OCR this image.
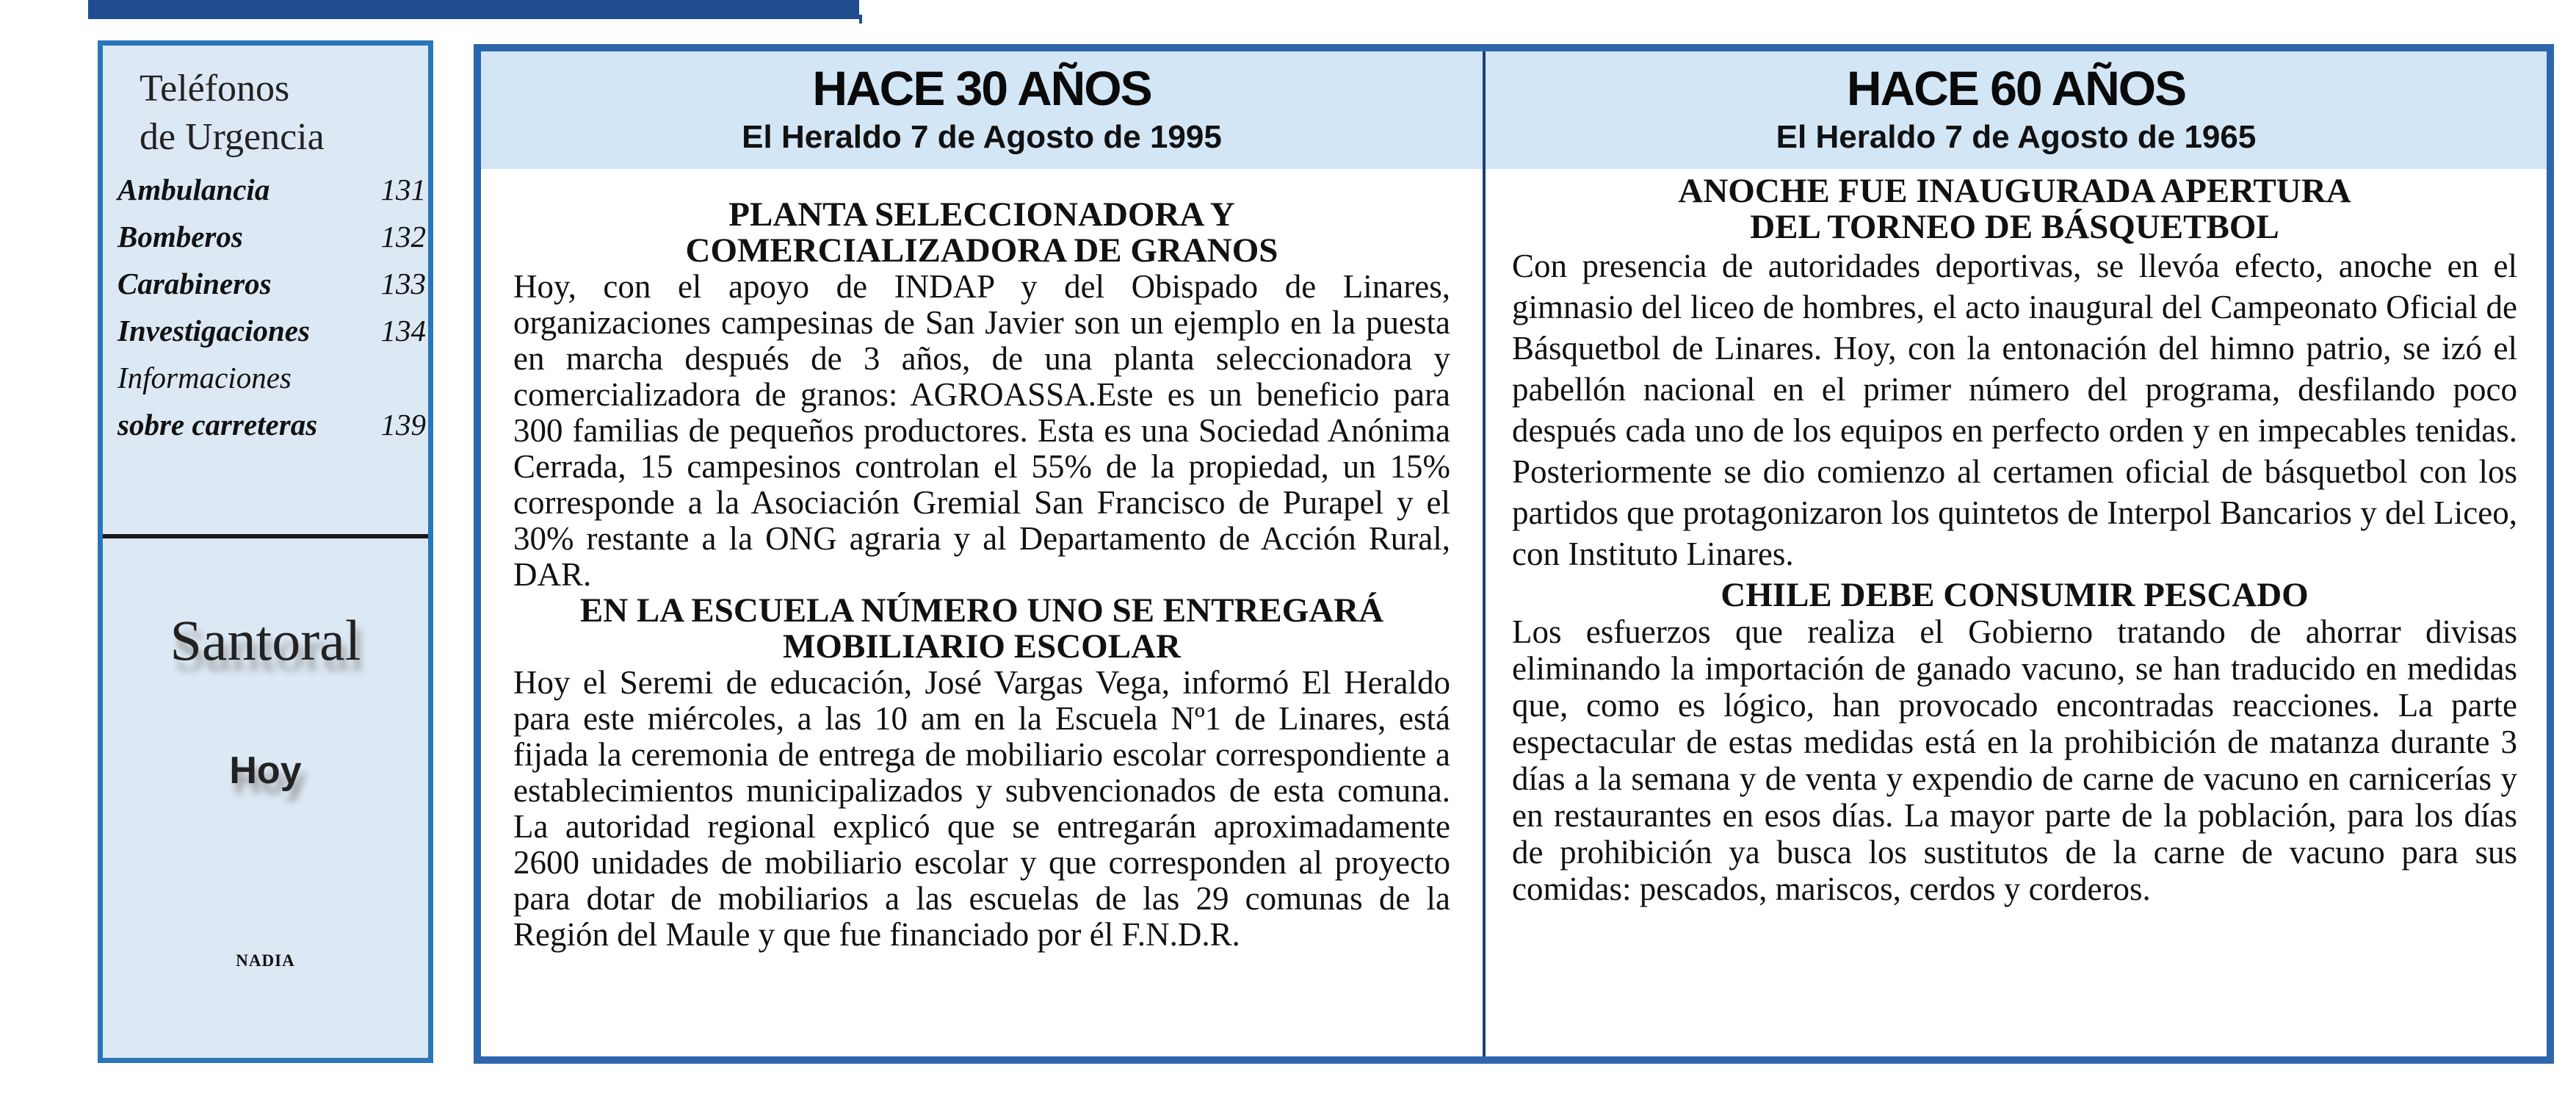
Teléfonos
de Urgencia
Ambulancia	131
Bomberos	132
Carabineros	133
Investigaciones 134
Informaciones
sobre carreteras 139
Santoral
Hoy
NADIA
HACE 30 AÑOS
El Heraldo 7 de Agosto de 1995
PLANTA SELECCIONADORA Y
COMERCIALIZADORA DE GRANOS

Hoy, con el apoyo de INDAP y del Obispado de Linares, organizaciones campesinas de San Javier son un ejemplo en la puesta en marcha después de 3 años, de una planta seleccionadora y comercializadora de granos: AGROASSA.Este es un beneficio para 300 familias de pequeños productores. Esta es una Sociedad Anónima Cerrada, 15 campesinos controlan el 55% de la propiedad, un 15% corresponde a la Asociación Gremial San Francisco de Purapel y el 30% restante a la ONG agraria y al Departamento de Acción Rural, DAR.

EN LA ESCUELA NÚMERO UNO SE ENTREGARÁ
MOBILIARIO ESCOLAR

Hoy el Seremi de educación, José Vargas Vega, informó El Heraldo para este miércoles, a las 10 am en la Escuela Nº1 de Linares, está fijada la ceremonia de entrega de mobiliario escolar correspondiente a establecimientos municipalizados y subvencionados de esta comuna. La autoridad regional explicó que se entregarán aproximadamente 2600 unidades de mobiliario escolar y que corresponden al proyecto para dotar de mobiliarios a las escuelas de las 29 comunas de la Región del Maule y que fue financiado por él F.N.D.R.

HACE 60 AÑOS
El Heraldo 7 de Agosto de 1965
ANOCHE FUE INAUGURADA APERTURA
DEL TORNEO DE BÁSQUETBOL

Con presencia de autoridades deportivas, se llevóa efecto, anoche en el gimnasio del liceo de hombres, el acto inaugural del Campeonato Oficial de Básquetbol de Linares. Hoy, con la entonación del himno patrio, se izó el pabellón nacional en el primer número del programa, desfilando poco después cada uno de los equipos en perfecto orden y en impecables tenidas. Posteriormente se dio comienzo al certamen oficial de básquetbol con los partidos que protagonizaron los quintetos de Interpol Bancarios y del Liceo, con Instituto Linares.

CHILE DEBE CONSUMIR PESCADO

Los esfuerzos que realiza el Gobierno tratando de ahorrar divisas eliminando la importación de ganado vacuno, se han traducido en medidas que, como es lógico, han provocado encontradas reacciones. La parte espectacular de estas medidas está en la prohibición de matanza durante 3 días a la semana y de venta y expendio de carne de vacuno en carnicerías y en restaurantes en esos días. La mayor parte de la población, para los días de prohibición ya busca los sustitutos de la carne de vacuno para sus comidas: pescados, mariscos, cerdos y corderos.
